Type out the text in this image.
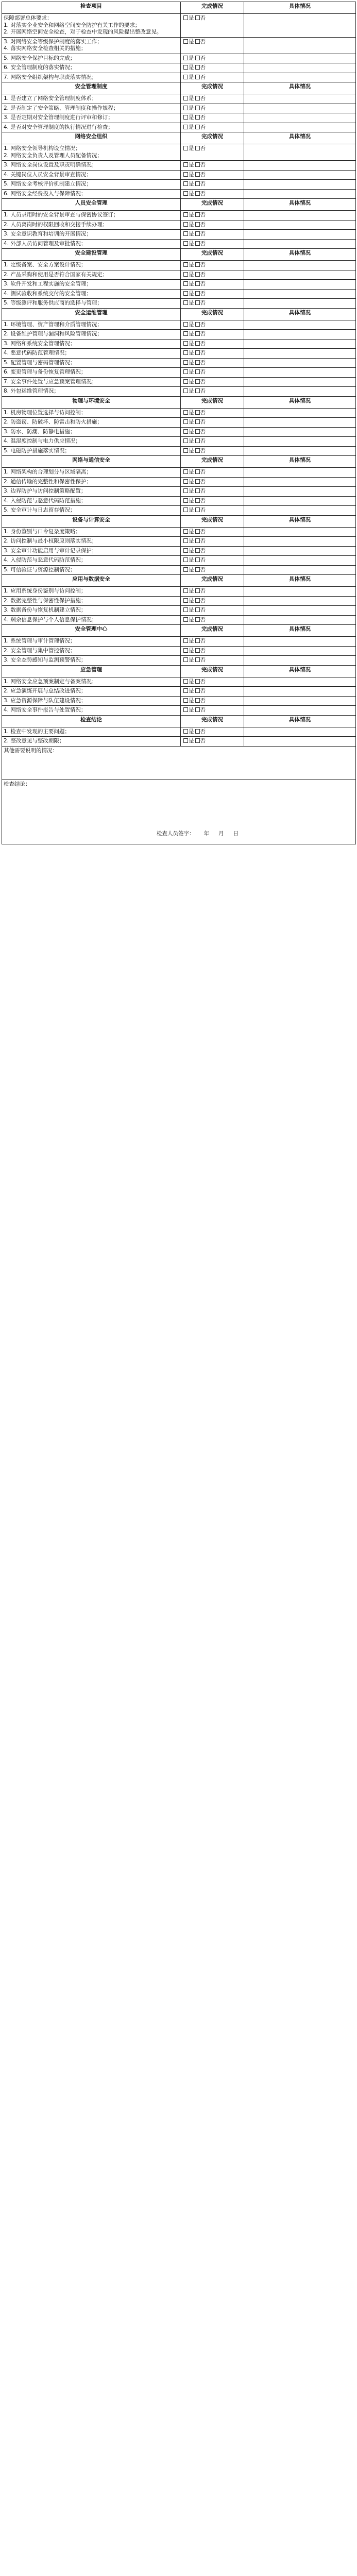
检查项目	完成情况	具体情况

保障部署总体要求：
1. 对落实企业安全和网络空间安全防护有关工作的要求；
2. 开展网络空间安全检查，对于检查中发现的风险提出整改意见。	是 否	

3. 对网络安全等级保护制度的落实工作；
4. 落实网络安全检查相关的措施；	是 否	

5. 网络安全保护目标的完成；	是 否	

6. 安全管理制度的落实情况；	是 否	

7. 网络安全组织架构与职责落实情况；	是 否	

安全管理制度	完成情况	具体情况

1. 是否建立了网络安全管理制度体系；	是 否	

2. 是否制定了安全策略、管理制度和操作规程；	是 否	

3. 是否定期对安全管理制度进行评审和修订；	是 否	

4. 是否对安全管理制度的执行情况进行检查；	是 否	

网络安全组织	完成情况	具体情况

1. 网络安全领导机构设立情况；
2. 网络安全负责人及管理人员配备情况；	是 否	

3. 网络安全岗位设置及职责明确情况；	是 否	

4. 关键岗位人员安全背景审查情况；	是 否	

5. 网络安全考核评价机制建立情况；	是 否	

6. 网络安全经费投入与保障情况；	是 否	

人员安全管理	完成情况	具体情况

1. 人员录用时的安全背景审查与保密协议签订；	是 否	

2. 人员离岗时的权限回收和交接手续办理；	是 否	

3. 安全意识教育和培训的开展情况；	是 否	

4. 外部人员访问管理及审批情况；	是 否	

安全建设管理	完成情况	具体情况

1. 定级备案、安全方案设计情况；	是 否	

2. 产品采购和使用是否符合国家有关规定；	是 否	

3. 软件开发和工程实施的安全管理；	是 否	

4. 测试验收和系统交付的安全管理；	是 否	

5. 等级测评和服务供应商的选择与管理；	是 否	

安全运维管理	完成情况	具体情况

1. 环境管理、资产管理和介质管理情况；	是 否	

2. 设备维护管理与漏洞和风险管理情况；	是 否	

3. 网络和系统安全管理情况；	是 否	

4. 恶意代码防范管理情况；	是 否	

5. 配置管理与密码管理情况；	是 否	

6. 变更管理与备份恢复管理情况；	是 否	

7. 安全事件处置与应急预案管理情况；	是 否	

8. 外包运维管理情况；	是 否	

物理与环境安全	完成情况	具体情况

1. 机房物理位置选择与访问控制；	是 否	

2. 防盗窃、防破坏、防雷击和防火措施；	是 否	

3. 防水、防潮、防静电措施；	是 否	

4. 温湿度控制与电力供应情况；	是 否	

5. 电磁防护措施落实情况；	是 否	

网络与通信安全	完成情况	具体情况

1. 网络架构的合理划分与区域隔离；	是 否	

2. 通信传输的完整性和保密性保护；	是 否	

3. 边界防护与访问控制策略配置；	是 否	

4. 入侵防范与恶意代码防范措施；	是 否	

5. 安全审计与日志留存情况；	是 否	

设备与计算安全	完成情况	具体情况

1. 身份鉴别与口令复杂度策略；	是 否	

2. 访问控制与最小权限原则落实情况；	是 否	

3. 安全审计功能启用与审计记录保护；	是 否	

4. 入侵防范与恶意代码防范情况；	是 否	

5. 可信验证与资源控制情况；	是 否	

应用与数据安全	完成情况	具体情况

1. 应用系统身份鉴别与访问控制；	是 否	

2. 数据完整性与保密性保护措施；	是 否	

3. 数据备份与恢复机制建立情况；	是 否	

4. 剩余信息保护与个人信息保护情况；	是 否	

安全管理中心	完成情况	具体情况

1. 系统管理与审计管理情况；	是 否	

2. 安全管理与集中管控情况；	是 否	

3. 安全态势感知与监测预警情况；	是 否	

应急管理	完成情况	具体情况

1. 网络安全应急预案制定与备案情况；	是 否	

2. 应急演练开展与总结改进情况；	是 否	

3. 应急资源保障与队伍建设情况；	是 否	

4. 网络安全事件报告与处置情况；	是 否	

检查结论	完成情况	具体情况

1. 检查中发现的主要问题；	是 否	

2. 整改意见与整改期限；	是 否	

其他需要说明的情况：		
检查结论：
检查人员签字： 年 月 日		
